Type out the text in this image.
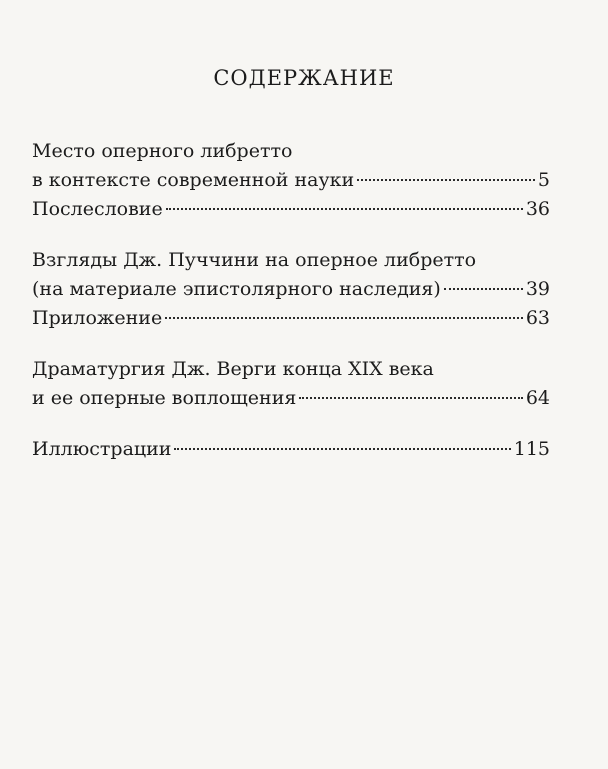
СОДЕРЖАНИЕ
Место оперного либретто
в контексте современной науки	5
Послесловие	36
Взгляды Дж. Пуччини на оперное либретто
(на материале эпистолярного наследия)	39
Приложение	63
Драматургия Дж. Верги конца XIX века
и ее оперные воплощения	64
Иллюстрации	115
